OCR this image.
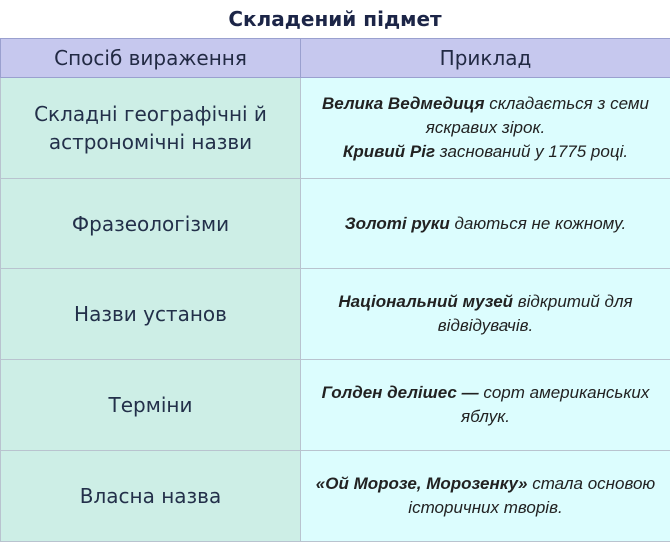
Складений підмет
Спосіб вираження	Приклад
Складні географічні й астрономічні назви	Велика Ведмедиця складається з семи яскравих зірок.
Кривий Ріг заснований у 1775 році.
Фразеологізми	Золоті руки даються не кожному.
Назви установ	Національний музей відкритий для відвідувачів.
Терміни	Голден делішес — сорт американських яблук.
Власна назва	«Ой Морозе, Морозенку» стала основою історичних творів.
